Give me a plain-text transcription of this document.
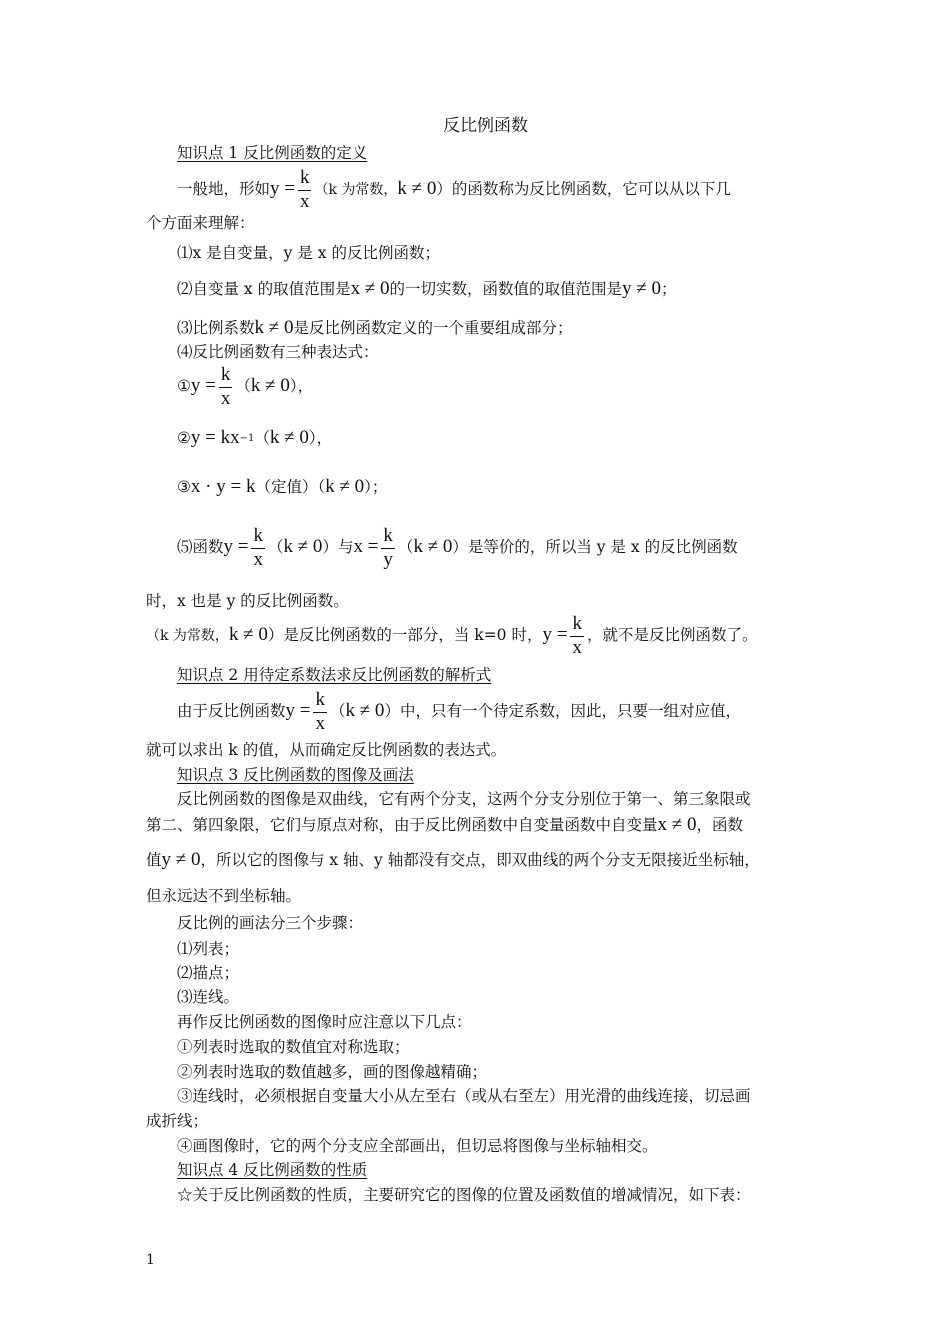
反比例函数
知识点 1 反比例函数的定义
一般地，形如$y = \frac{k}{x} (k$ 为常数，k ≠ 0）的函数称为反比例函数，它可以从以下几
个方面来理解：
⑴x 是自变量，y 是 x 的反比例函数；
⑵自变量 x 的取值范围是x ≠ 0的一切实数，函数值的取值范围是y ≠ 0；
⑶比例系数k ≠ 0是反比例函数定义的一个重要组成部分；
⑷反比例函数有三种表达式：
①y = $\frac{k}{x} (k \ne 0)$，
②y = $kx^{-1}(k \ne 0)$，
③x · y = k（定值）（k ≠ 0）；
⑸函数$y = \frac{k}{x} (k \ne 0)$与$x = \frac{k}{y} (k \ne 0)$是等价的，所以当 y 是 x 的反比例函数
时，x 也是 y 的反比例函数。
（k 为常数，k ≠ 0）是反比例函数的一部分，当 k=0 时，$y = \frac{k}{x}$ ，就不是反比例函数了。
知识点 2 用待定系数法求反比例函数的解析式
由于反比例函数$y = \frac{k}{x} (k \ne 0)$中，只有一个待定系数，因此，只要一组对应值，
就可以求出 k 的值，从而确定反比例函数的表达式。
知识点 3 反比例函数的图像及画法
反比例函数的图像是双曲线，它有两个分支，这两个分支分别位于第一、第三象限或
第二、第四象限，它们与原点对称，由于反比例函数中自变量函数中自变量x ≠ 0，函数
值y ≠ 0，所以它的图像与 x 轴、y 轴都没有交点，即双曲线的两个分支无限接近坐标轴，
但永远达不到坐标轴。
反比例的画法分三个步骤：
⑴列表；
⑵描点；
⑶连线。
再作反比例函数的图像时应注意以下几点：
①列表时选取的数值宜对称选取；
②列表时选取的数值越多，画的图像越精确；
③连线时，必须根据自变量大小从左至右（或从右至左）用光滑的曲线连接，切忌画
成折线；
④画图像时，它的两个分支应全部画出，但切忌将图像与坐标轴相交。
知识点 4 反比例函数的性质
☆关于反比例函数的性质，主要研究它的图像的位置及函数值的增减情况，如下表：
1
